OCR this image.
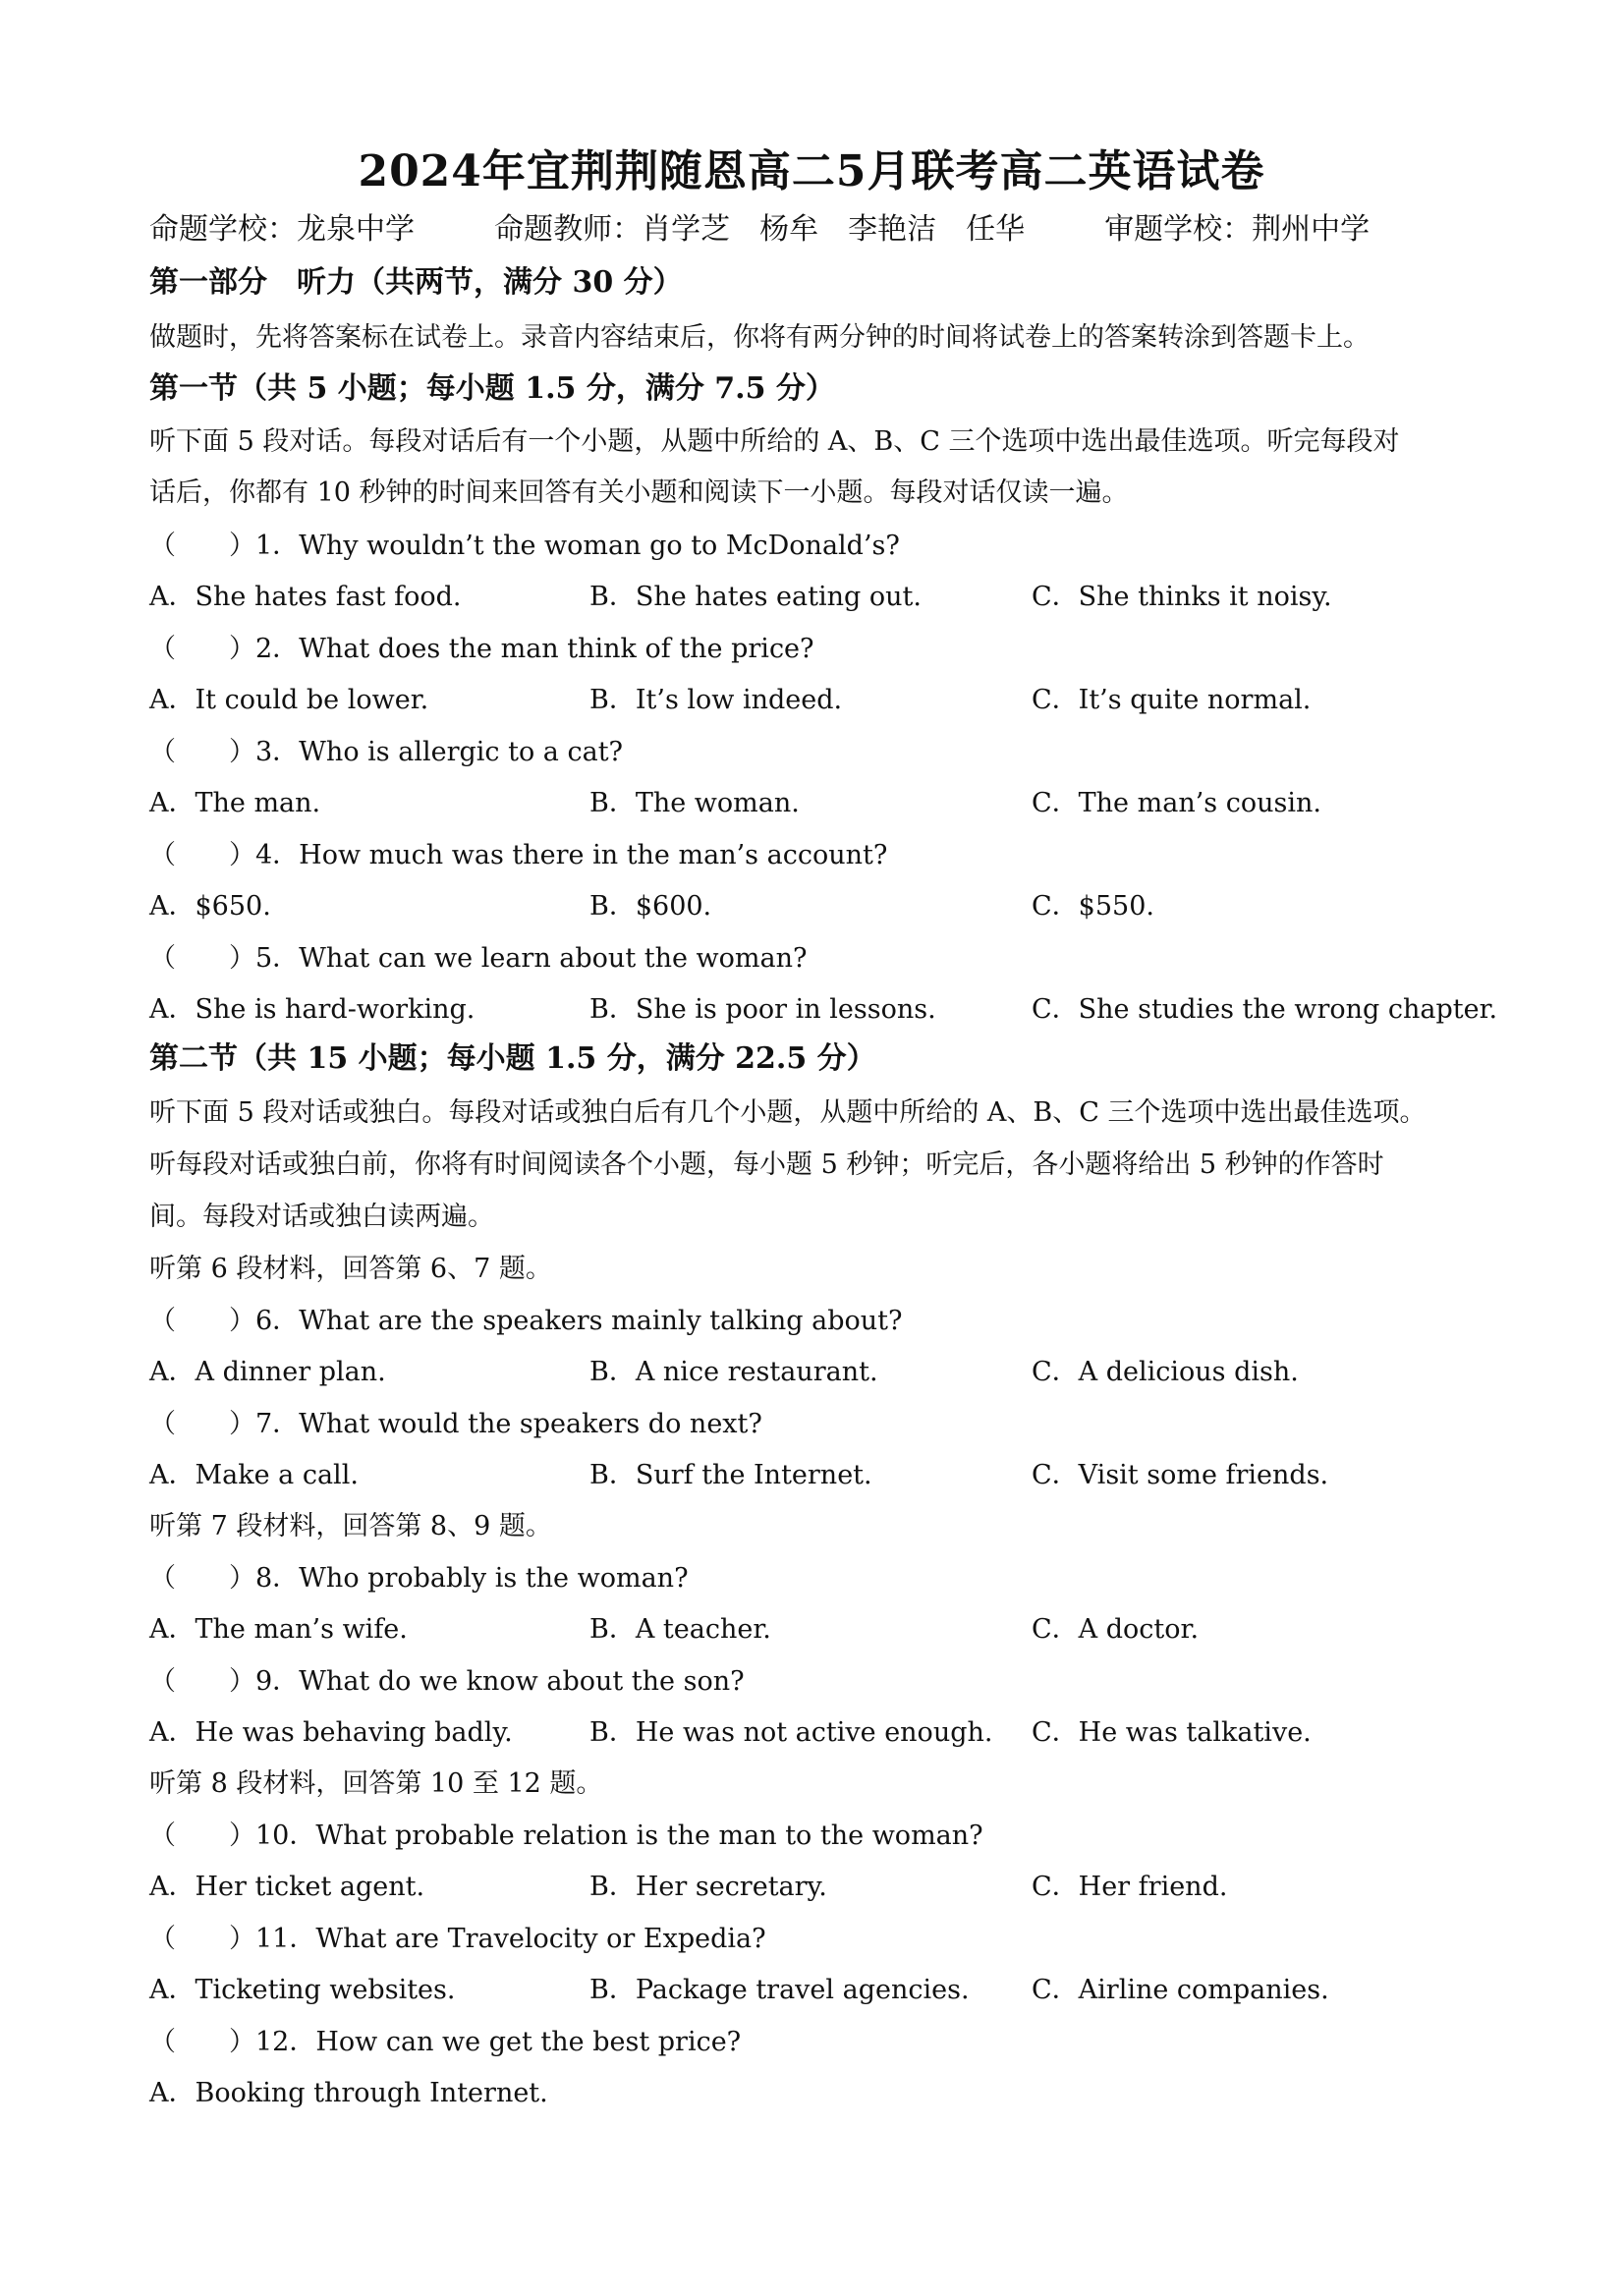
2024年宜荆荆随恩高二5月联考高二英语试卷
命题学校：龙泉中学	命题教师：肖学芝　杨牟　李艳洁　任华	审题学校：荆州中学
第一部分　听力（共两节，满分 30 分）
做题时，先将答案标在试卷上。录音内容结束后，你将有两分钟的时间将试卷上的答案转涂到答题卡上。
第一节（共 5 小题；每小题 1.5 分，满分 7.5 分）
听下面 5 段对话。每段对话后有一个小题，从题中所给的 A、B、C 三个选项中选出最佳选项。听完每段对
话后，你都有 10 秒钟的时间来回答有关小题和阅读下一小题。每段对话仅读一遍。
（　　）1．Why wouldn’t the woman go to McDonald’s?
A．She hates fast food.	B．She hates eating out.	C．She thinks it noisy.
（　　）2．What does the man think of the price?
A．It could be lower.	B．It’s low indeed.	C．It’s quite normal.
（　　）3．Who is allergic to a cat?
A．The man.	B．The woman.	C．The man’s cousin.
（　　）4．How much was there in the man’s account?
A．$650.	B．$600.	C．$550.
（　　）5．What can we learn about the woman?
A．She is hard-working.	B．She is poor in lessons.	C．She studies the wrong chapter.
第二节（共 15 小题；每小题 1.5 分，满分 22.5 分）
听下面 5 段对话或独白。每段对话或独白后有几个小题，从题中所给的 A、B、C 三个选项中选出最佳选项。
听每段对话或独白前，你将有时间阅读各个小题，每小题 5 秒钟；听完后，各小题将给出 5 秒钟的作答时
间。每段对话或独白读两遍。
听第 6 段材料，回答第 6、7 题。
（　　）6．What are the speakers mainly talking about?
A．A dinner plan.	B．A nice restaurant.	C．A delicious dish.
（　　）7．What would the speakers do next?
A．Make a call.	B．Surf the Internet.	C．Visit some friends.
听第 7 段材料，回答第 8、9 题。
（　　）8．Who probably is the woman?
A．The man’s wife.	B．A teacher.	C．A doctor.
（　　）9．What do we know about the son?
A．He was behaving badly.	B．He was not active enough. C．He was talkative.
听第 8 段材料，回答第 10 至 12 题。
（　　）10．What probable relation is the man to the woman?
A．Her ticket agent.	B．Her secretary.	C．Her friend.
（　　）11．What are Travelocity or Expedia?
A．Ticketing websites.	B．Package travel agencies. C．Airline companies.
（　　）12．How can we get the best price?
A．Booking through Internet.
